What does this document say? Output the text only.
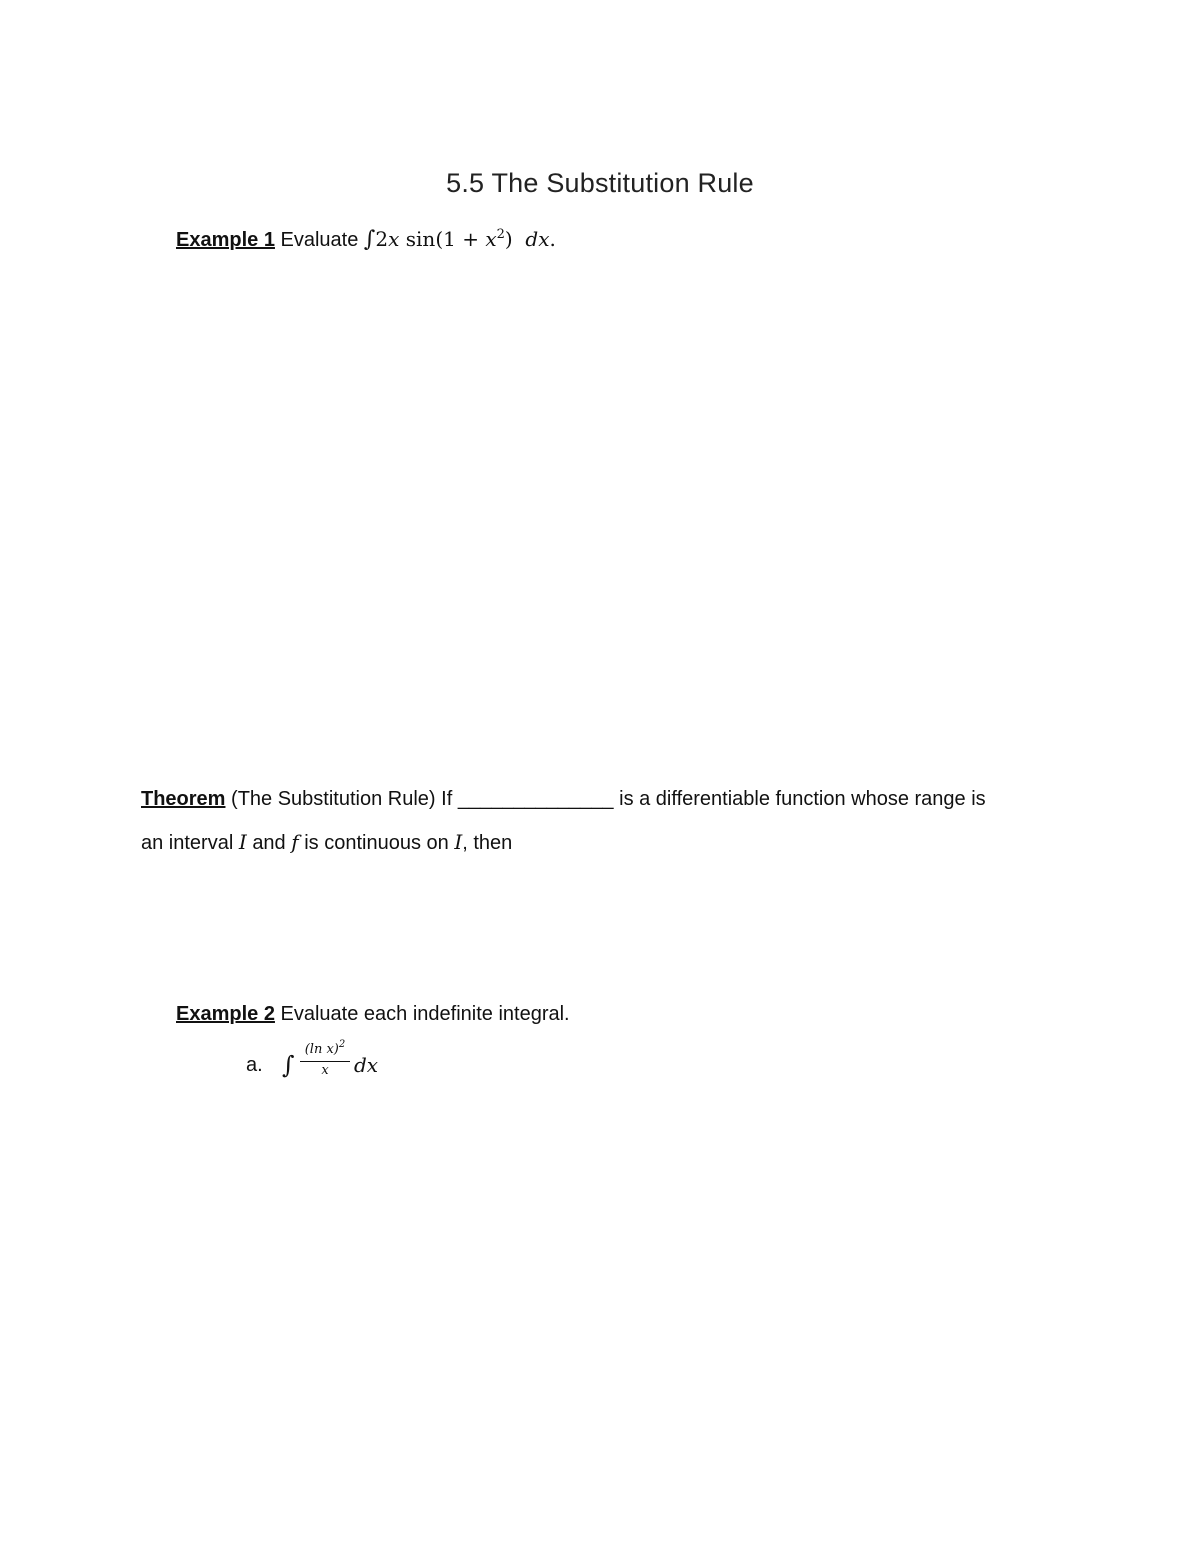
5.5 The Substitution Rule
Example 1 Evaluate ∫2x $\sin(1 + x^2)$ dx.
Theorem (The Substitution Rule) If ______________ is a differentiable function whose range is
an interval I and f is continuous on I, then
Example 2 Evaluate each indefinite integral.
a. ∫ $\frac{(\ln x)^2}{x}$ dx
